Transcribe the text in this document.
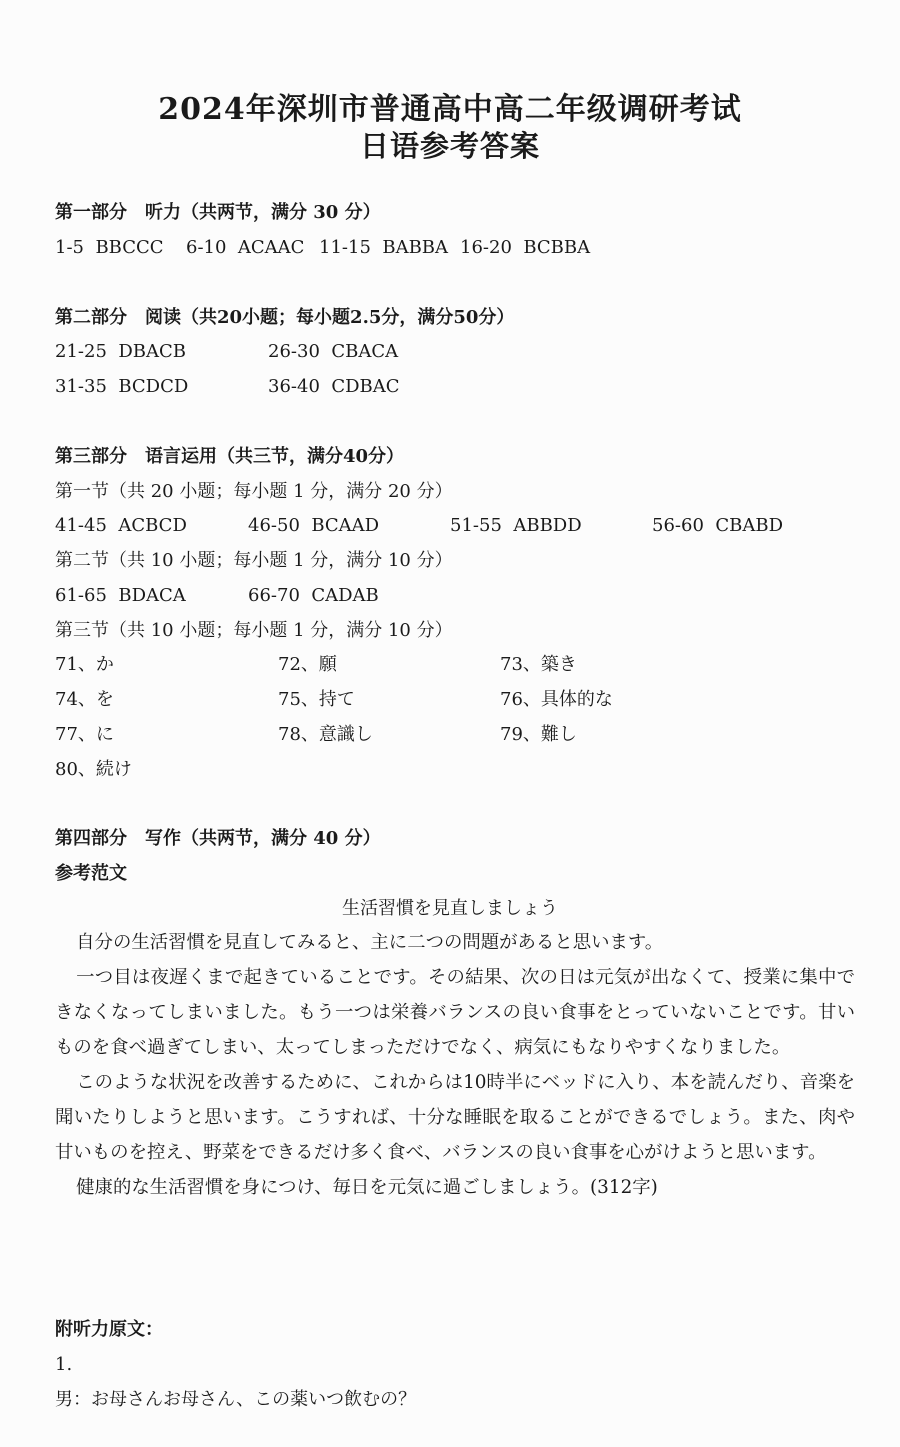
2024年深圳市普通高中高二年级调研考试
日语参考答案
第一部分　听力（共两节，满分 30 分）
1-5 BBCCC 6-10 ACAAC 11-15 BABBA 16-20 BCBBA
第二部分　阅读（共20小题；每小题2.5分，满分50分）
21-25 DBACB	26-30 CBACA
31-35 BCDCD	36-40 CDBAC
第三部分　语言运用（共三节，满分40分）
第一节（共 20 小题；每小题 1 分，满分 20 分）
41-45 ACBCD	46-50 BCAAD	51-55 ABBDD	56-60 CBABD
第二节（共 10 小题；每小题 1 分，满分 10 分）
61-65 BDACA	66-70 CADAB
第三节（共 10 小题；每小题 1 分，满分 10 分）
71、か	72、願	73、築き
74、を	75、持て	76、具体的な
77、に	78、意識し	79、難し
80、続け
第四部分　写作（共两节，满分 40 分）
参考范文
生活習慣を見直しましょう

自分の生活習慣を見直してみると、主に二つの問題があると思います。

一つ目は夜遅くまで起きていることです。その結果、次の日は元気が出なくて、授業に集中できなくなってしまいました。もう一つは栄養バランスの良い食事をとっていないことです。甘いものを食べ過ぎてしまい、太ってしまっただけでなく、病気にもなりやすくなりました。

このような状況を改善するために、これからは10時半にベッドに入り、本を読んだり、音楽を聞いたりしようと思います。こうすれば、十分な睡眠を取ることができるでしょう。また、肉や甘いものを控え、野菜をできるだけ多く食べ、バランスの良い食事を心がけようと思います。

健康的な生活習慣を身につけ、毎日を元気に過ごしましょう。(312字)

附听力原文：
1.
男：お母さんお母さん、この薬いつ飲むの？
